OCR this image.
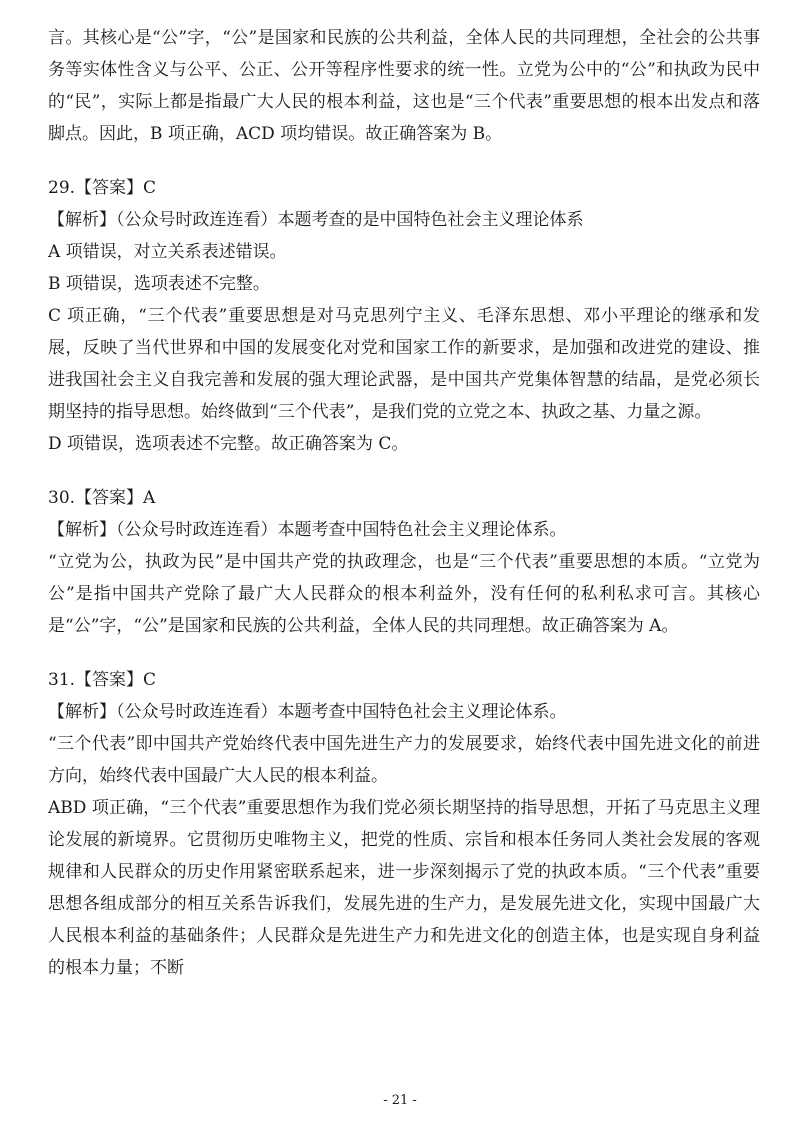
言。其核心是“公”字，“公”是国家和民族的公共利益，全体人民的共同理想，全社会的公共事务等实体性含义与公平、公正、公开等程序性要求的统一性。立党为公中的“公”和执政为民中的“民”，实际上都是指最广大人民的根本利益，这也是“三个代表”重要思想的根本出发点和落脚点。因此，B 项正确，ACD 项均错误。故正确答案为 B。

29.【答案】C

【解析】（公众号时政连连看）本题考查的是中国特色社会主义理论体系

A 项错误，对立关系表述错误。

B 项错误，选项表述不完整。

C 项正确，“三个代表”重要思想是对马克思列宁主义、毛泽东思想、邓小平理论的继承和发展，反映了当代世界和中国的发展变化对党和国家工作的新要求，是加强和改进党的建设、推进我国社会主义自我完善和发展的强大理论武器，是中国共产党集体智慧的结晶，是党必须长期坚持的指导思想。始终做到“三个代表”，是我们党的立党之本、执政之基、力量之源。

D 项错误，选项表述不完整。故正确答案为 C。

30.【答案】A

【解析】（公众号时政连连看）本题考查中国特色社会主义理论体系。

“立党为公，执政为民”是中国共产党的执政理念，也是“三个代表”重要思想的本质。“立党为公”是指中国共产党除了最广大人民群众的根本利益外，没有任何的私利私求可言。其核心是“公”字，“公”是国家和民族的公共利益，全体人民的共同理想。故正确答案为 A。

31.【答案】C

【解析】（公众号时政连连看）本题考查中国特色社会主义理论体系。

“三个代表”即中国共产党始终代表中国先进生产力的发展要求，始终代表中国先进文化的前进方向，始终代表中国最广大人民的根本利益。

ABD 项正确，“三个代表”重要思想作为我们党必须长期坚持的指导思想，开拓了马克思主义理论发展的新境界。它贯彻历史唯物主义，把党的性质、宗旨和根本任务同人类社会发展的客观规律和人民群众的历史作用紧密联系起来，进一步深刻揭示了党的执政本质。“三个代表”重要思想各组成部分的相互关系告诉我们，发展先进的生产力，是发展先进文化，实现中国最广大人民根本利益的基础条件；人民群众是先进生产力和先进文化的创造主体，也是实现自身利益的根本力量；不断

- 21 -
